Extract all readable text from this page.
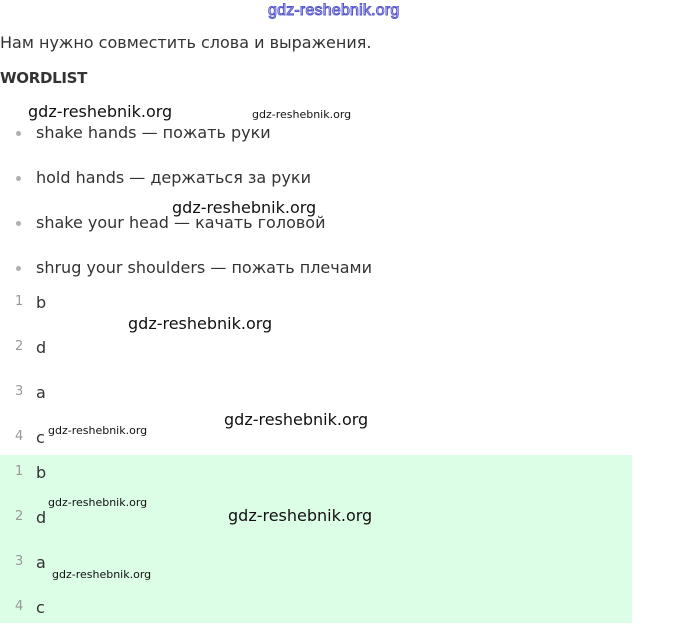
gdz-reshebnik.org
Нам нужно совместить слова и выражения.
WORDLIST
shake hands — пожать руки
hold hands — держаться за руки
shake your head — качать головой
shrug your shoulders — пожать плечами
1 b
2 d
3 a
4 c
1 b
2 d
3 a
4 c
gdz-reshebnik.org	gdz-reshebnik.org
gdz-reshebnik.org
gdz-reshebnik.org
gdz-reshebnik.org
gdz-reshebnik.org
gdz-reshebnik.org
gdz-reshebnik.org
gdz-reshebnik.org
